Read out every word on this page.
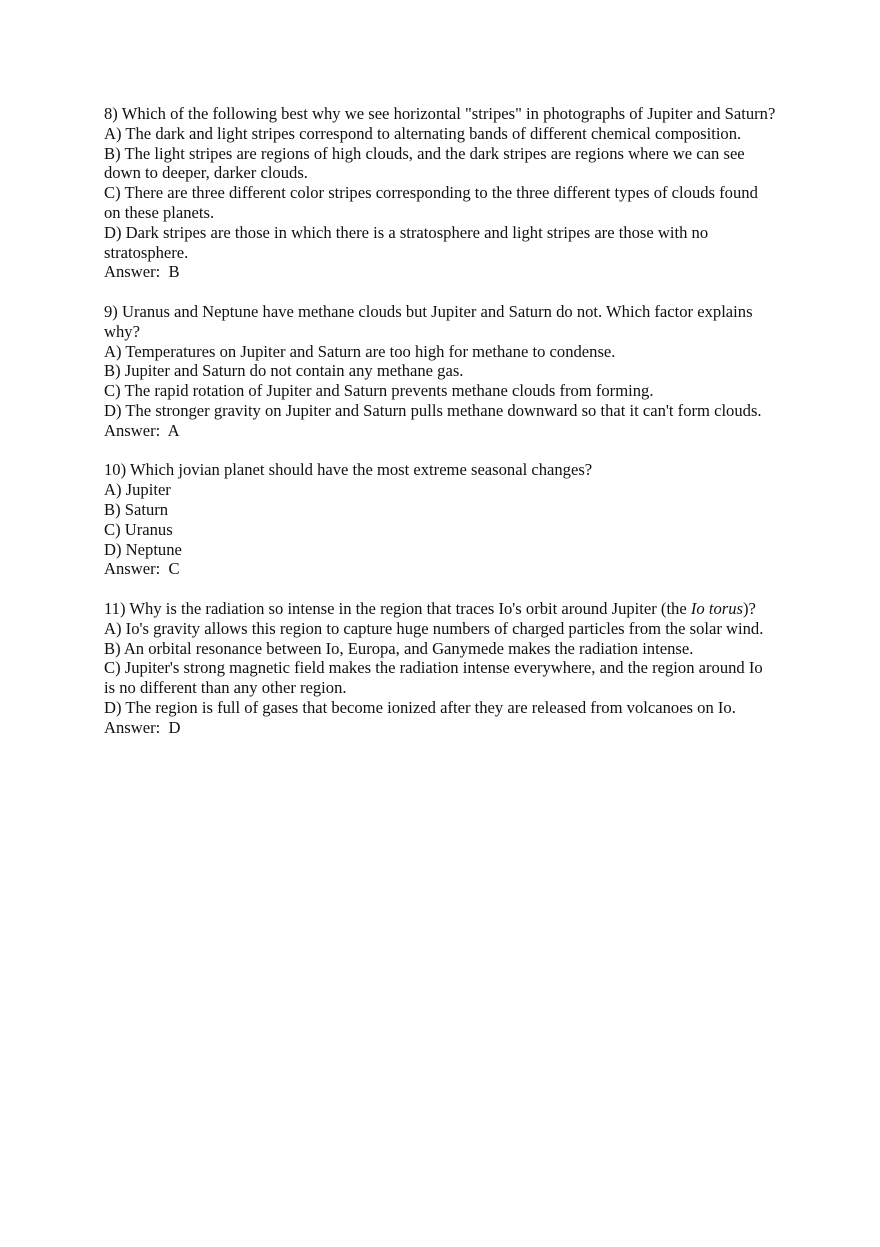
8) Which of the following best why we see horizontal "stripes" in photographs of Jupiter and Saturn?

A) The dark and light stripes correspond to alternating bands of different chemical composition.

B) The light stripes are regions of high clouds, and the dark stripes are regions where we can see down to deeper, darker clouds.

C) There are three different color stripes corresponding to the three different types of clouds found on these planets.

D) Dark stripes are those in which there is a stratosphere and light stripes are those with no stratosphere.

Answer: B

9) Uranus and Neptune have methane clouds but Jupiter and Saturn do not. Which factor explains why?

A) Temperatures on Jupiter and Saturn are too high for methane to condense.

B) Jupiter and Saturn do not contain any methane gas.

C) The rapid rotation of Jupiter and Saturn prevents methane clouds from forming.

D) The stronger gravity on Jupiter and Saturn pulls methane downward so that it can't form clouds.

Answer: A

10) Which jovian planet should have the most extreme seasonal changes?

A) Jupiter

B) Saturn

C) Uranus

D) Neptune

Answer: C

11) Why is the radiation so intense in the region that traces Io's orbit around Jupiter (the Io torus)?

A) Io's gravity allows this region to capture huge numbers of charged particles from the solar wind.

B) An orbital resonance between Io, Europa, and Ganymede makes the radiation intense.

C) Jupiter's strong magnetic field makes the radiation intense everywhere, and the region around Io is no different than any other region.

D) The region is full of gases that become ionized after they are released from volcanoes on Io.

Answer: D
